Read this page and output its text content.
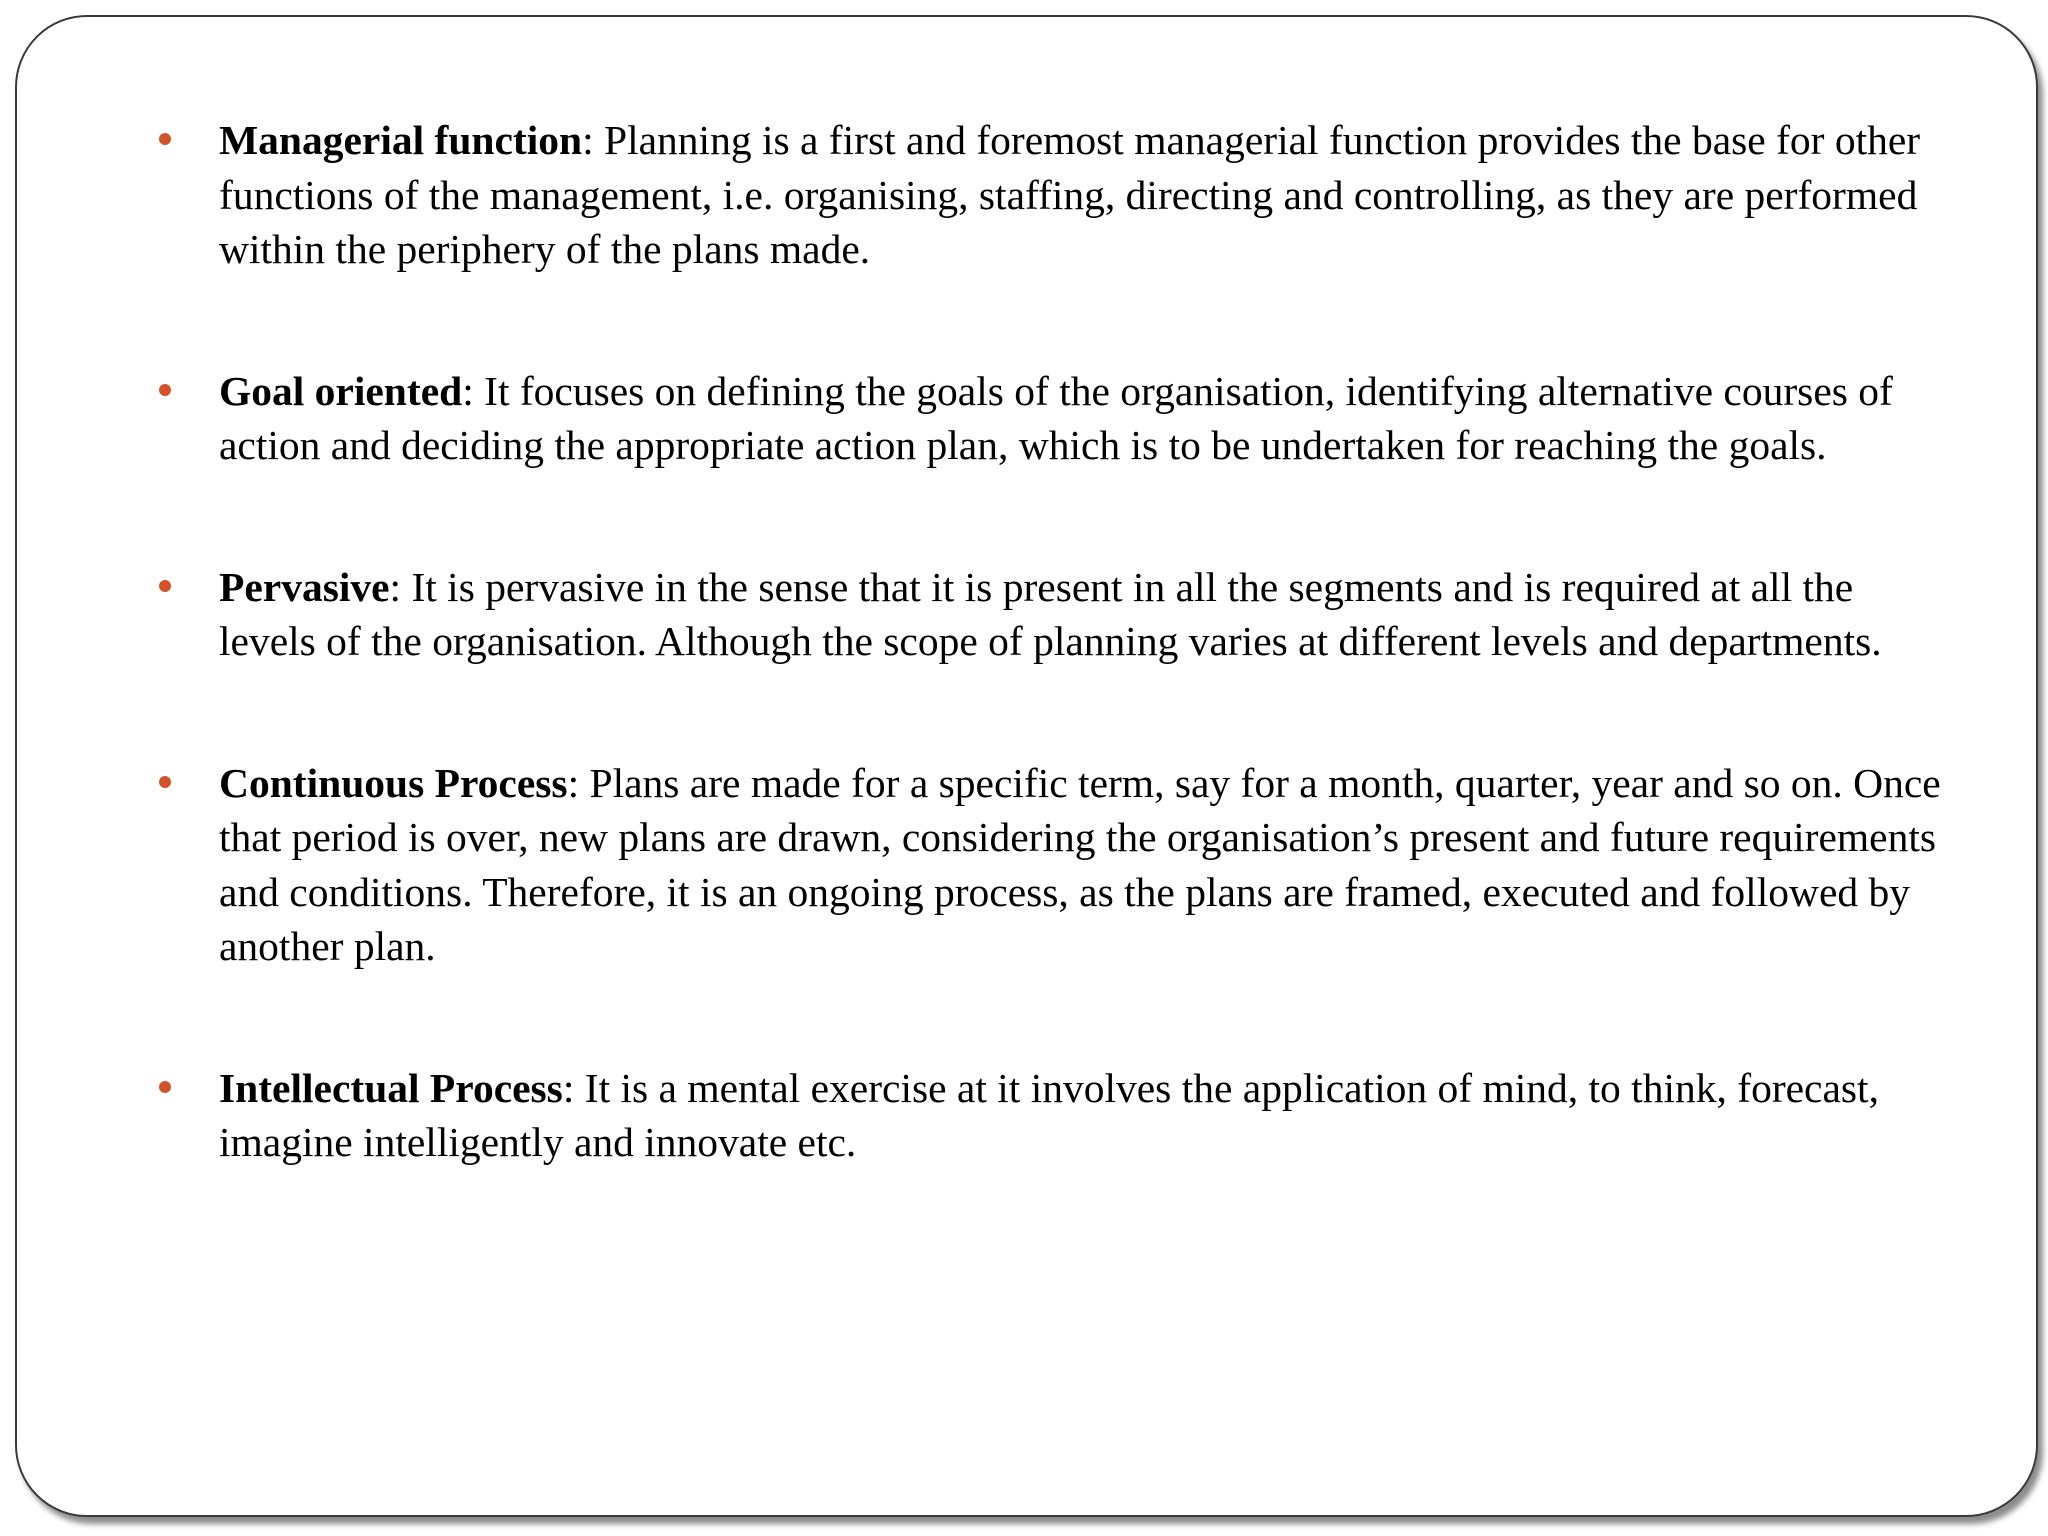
Managerial function: Planning is a first and foremost managerial function provides the base for other functions of the management, i.e. organising, staffing, directing and controlling, as they are performed within the periphery of the plans made.
Goal oriented: It focuses on defining the goals of the organisation, identifying alternative courses of action and deciding the appropriate action plan, which is to be undertaken for reaching the goals.
Pervasive: It is pervasive in the sense that it is present in all the segments and is required at all the levels of the organisation. Although the scope of planning varies at different levels and departments.
Continuous Process: Plans are made for a specific term, say for a month, quarter, year and so on. Once that period is over, new plans are drawn, considering the organisation’s present and future requirements and conditions. Therefore, it is an ongoing process, as the plans are framed, executed and followed by another plan.
Intellectual Process: It is a mental exercise at it involves the application of mind, to think, forecast, imagine intelligently and innovate etc.
